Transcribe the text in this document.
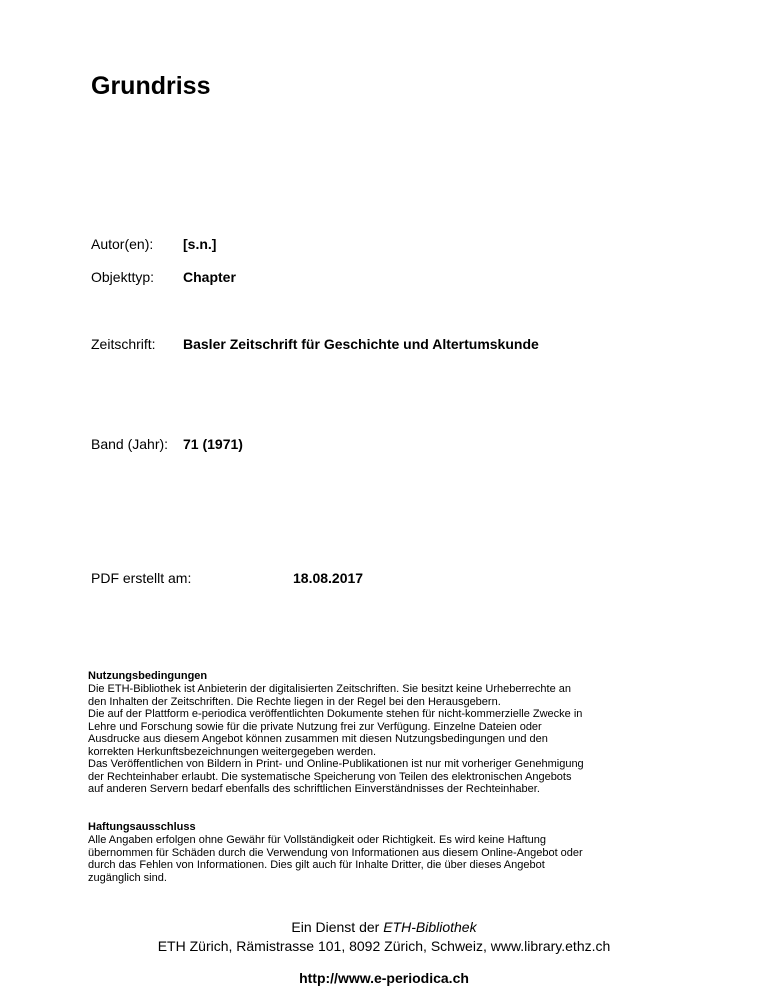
Grundriss
Autor(en): [s.n.]
Objekttyp: Chapter
Zeitschrift: Basler Zeitschrift für Geschichte und Altertumskunde
Band (Jahr): 71 (1971)
PDF erstellt am:	18.08.2017
Nutzungsbedingungen
Die ETH-Bibliothek ist Anbieterin der digitalisierten Zeitschriften. Sie besitzt keine Urheberrechte an
den Inhalten der Zeitschriften. Die Rechte liegen in der Regel bei den Herausgebern.
Die auf der Plattform e-periodica veröffentlichten Dokumente stehen für nicht-kommerzielle Zwecke in
Lehre und Forschung sowie für die private Nutzung frei zur Verfügung. Einzelne Dateien oder
Ausdrucke aus diesem Angebot können zusammen mit diesen Nutzungsbedingungen und den
korrekten Herkunftsbezeichnungen weitergegeben werden.
Das Veröffentlichen von Bildern in Print- und Online-Publikationen ist nur mit vorheriger Genehmigung
der Rechteinhaber erlaubt. Die systematische Speicherung von Teilen des elektronischen Angebots
auf anderen Servern bedarf ebenfalls des schriftlichen Einverständnisses der Rechteinhaber.
Haftungsausschluss
Alle Angaben erfolgen ohne Gewähr für Vollständigkeit oder Richtigkeit. Es wird keine Haftung
übernommen für Schäden durch die Verwendung von Informationen aus diesem Online-Angebot oder
durch das Fehlen von Informationen. Dies gilt auch für Inhalte Dritter, die über dieses Angebot
zugänglich sind.
Ein Dienst der ETH-Bibliothek
ETH Zürich, Rämistrasse 101, 8092 Zürich, Schweiz, www.library.ethz.ch
http://www.e-periodica.ch
